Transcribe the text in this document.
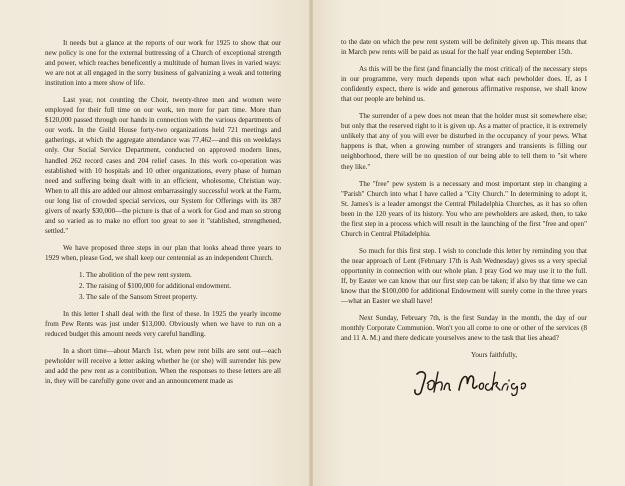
It needs but a glance at the reports of our work for 1925 to show that our new policy is one for the external buttressing of a Church of exceptional strength and power, which reaches beneficently a multitude of human lives in varied ways: we are not at all engaged in the sorry business of galvanizing a weak and tottering institution into a mere show of life.

Last year, not counting the Choir, twenty-three men and women were employed for their full time on our work, ten more for part time. More than $120,000 passed through our hands in connection with the various departments of our work. In the Guild House forty-two organizations held 721 meetings and gatherings, at which the aggregate attendance was 77,462—and this on weekdays only. Our Social Service Department, conducted on approved modern lines, handled 262 record cases and 204 relief cases. In this work co-operation was established with 10 hospitals and 10 other organizations, every phase of human need and suffering being dealt with in an efficient, wholesome, Christian way. When to all this are added our almost embarrassingly successful work at the Farm, our long list of crowded special services, our System for Offerings with its 387 givers of nearly $30,000—the picture is that of a work for God and man so strong and so varied as to make no effort too great to see it "stablished, strengthened, settled."

We have proposed three steps in our plan that looks ahead three years to 1929 when, please God, we shall keep our centennial as an independent Church.

1. The abolition of the pew rent system.
2. The raising of $100,000 for additional endowment.
3. The sale of the Sansom Street property.

In this letter I shall deal with the first of these. In 1925 the yearly income from Pew Rents was just under $13,000. Obviously when we have to run on a reduced budget this amount needs very careful handling.

In a short time—about March 1st, when pew rent bills are sent out—each pewholder will receive a letter asking whether he (or she) will surrender his pew and add the pew rent as a contribution. When the responses to these letters are all in, they will be carefully gone over and an announcement made as

to the date on which the pew rent system will be definitely given up. This means that in March pew rents will be paid as usual for the half year ending September 15th.

As this will be the first (and financially the most critical) of the necessary steps in our programme, very much depends upon what each pewholder does. If, as I confidently expect, there is wide and generous affirmative response, we shall know that our people are behind us.

The surrender of a pew does not mean that the holder must sit somewhere else; but only that the reserved right to it is given up. As a matter of practice, it is extremely unlikely that any of you will ever be disturbed in the occupancy of your pews. What happens is that, when a growing number of strangers and transients is filling our neighborhood, there will be no question of our being able to tell them to "sit where they like."

The "free" pew system is a necessary and most important step in changing a "Parish" Church into what I have called a "City Church." In determining to adopt it, St. James's is a leader amongst the Central Philadelphia Churches, as it has so often been in the 120 years of its history. You who are pewholders are asked, then, to take the first step in a process which will result in the launching of the first "free and open" Church in Central Philadelphia.

So much for this first step. I wish to conclude this letter by reminding you that the near approach of Lent (February 17th is Ash Wednesday) gives us a very special opportunity in connection with our whole plan. I pray God we may use it to the full. If, by Easter we can know that our first step can be taken; if also by that time we can know that the $100,000 for additional Endowment will surely come in the three years—what an Easter we shall have!

Next Sunday, February 7th, is the first Sunday in the month, the day of our monthly Corporate Communion. Won't you all come to one or other of the services (8 and 11 A. M.) and there dedicate yourselves anew to the task that lies ahead?

Yours faithfully,
